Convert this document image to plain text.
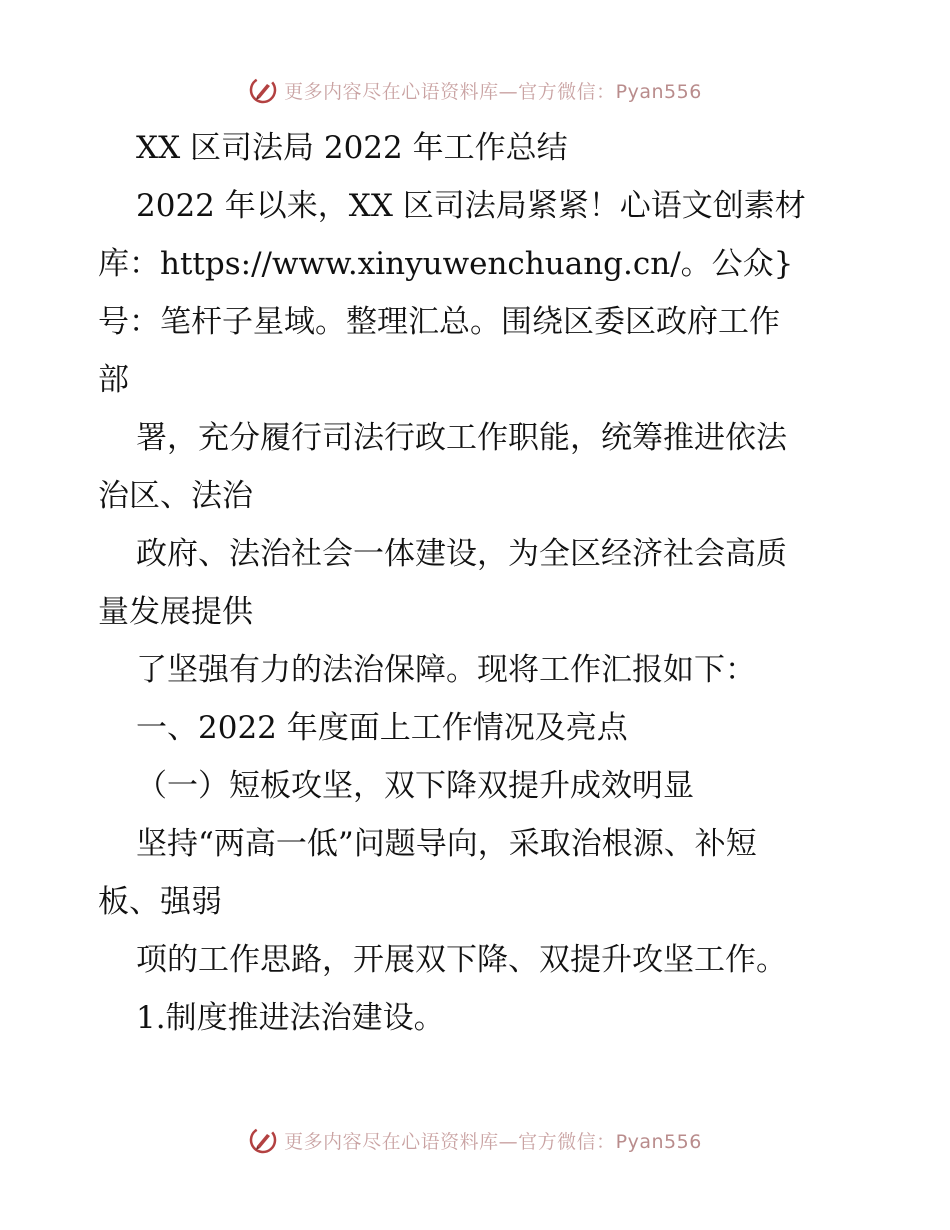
更多内容尽在心语资料库—官方微信：Pyan556
XX 区司法局 2022 年工作总结
2022 年以来，XX 区司法局紧紧！心语文创素材
库：https://www.xinyuwenchuang.cn/。公众}
号：笔杆子星域。整理汇总。围绕区委区政府工作
部
署，充分履行司法行政工作职能，统筹推进依法
治区、法治
政府、法治社会一体建设，为全区经济社会高质
量发展提供
了坚强有力的法治保障。现将工作汇报如下：
一、2022 年度面上工作情况及亮点
（一）短板攻坚，双下降双提升成效明显
坚持“两高一低”问题导向，采取治根源、补短
板、强弱
项的工作思路，开展双下降、双提升攻坚工作。
1.制度推进法治建设。
更多内容尽在心语资料库—官方微信：Pyan556
